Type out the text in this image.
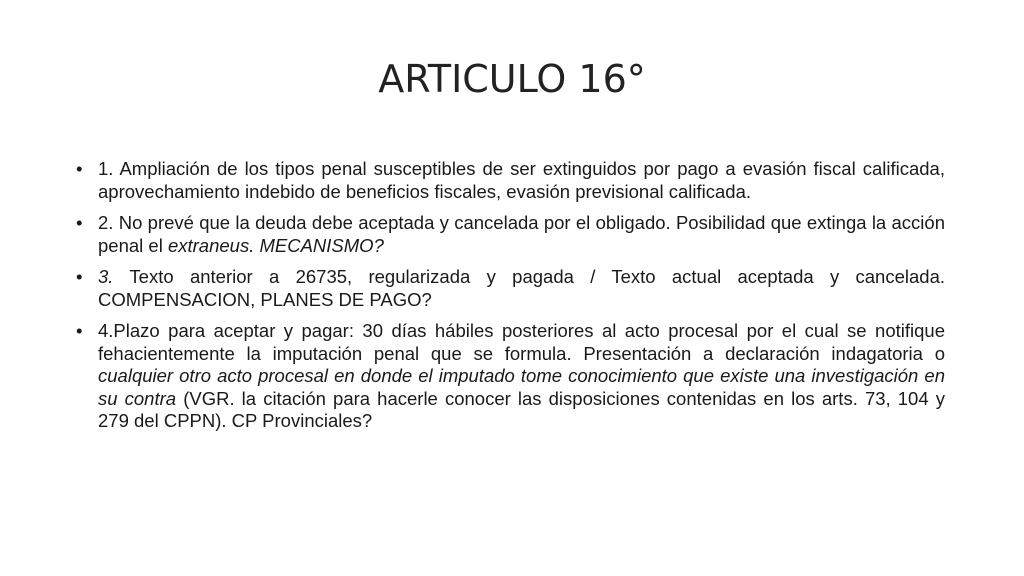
ARTICULO 16°
• 1. Ampliación de los tipos penal susceptibles de ser extinguidos por pago a evasión fiscal calificada, aprovechamiento indebido de beneficios fiscales, evasión previsional calificada.
• 2. No prevé que la deuda debe aceptada y cancelada por el obligado. Posibilidad que extinga la acción penal el extraneus. MECANISMO?
• 3. Texto anterior a 26735, regularizada y pagada / Texto actual aceptada y cancelada. COMPENSACION, PLANES DE PAGO?
• 4.Plazo para aceptar y pagar: 30 días hábiles posteriores al acto procesal por el cual se notifique fehacientemente la imputación penal que se formula. Presentación a declaración indagatoria o cualquier otro acto procesal en donde el imputado tome conocimiento que existe una investigación en su contra (VGR. la citación para hacerle conocer las disposiciones contenidas en los arts. 73, 104 y 279 del CPPN). CP Provinciales?
